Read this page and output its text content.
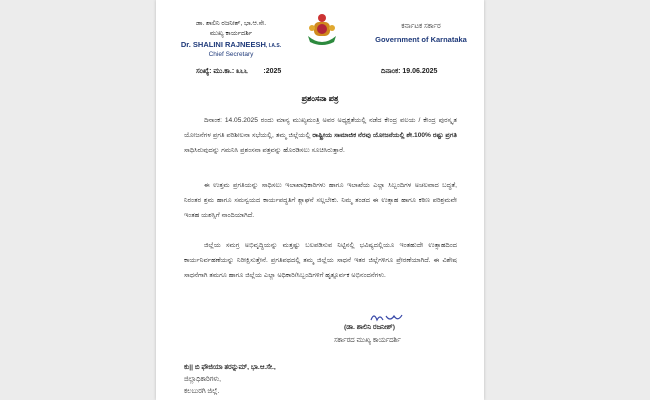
ಡಾ. ಶಾಲಿನಿ ರಜನೀಶ್, ಭಾ.ಆ.ಸೇ.
ಮುಖ್ಯ ಕಾರ್ಯದರ್ಶಿ
Dr. SHALINI RAJNEESH, I.A.S.
Chief Secretary
ಕರ್ನಾಟಕ ಸರ್ಕಾರ
Government of Karnataka
ಸಂಖ್ಯೆ: ಮು.ಕಾ.: ೩೬೬        :2025	ದಿನಾಂಕ: 19.06.2025
ಪ್ರಶಂಸನಾ ಪತ್ರ
ದಿನಾಂಕ: 14.05.2025 ರಂದು ಮಾನ್ಯ ಮುಖ್ಯಮಂತ್ರಿ ಅವರ ಅಧ್ಯಕ್ಷತೆಯಲ್ಲಿ ನಡೆದ ಕೇಂದ್ರ ವಲಯ / ಕೇಂದ್ರ ಪುರಸ್ಕೃತ ಯೋಜನೆಗಳ ಪ್ರಗತಿ ಪರಿಶೀಲನಾ ಸಭೆಯಲ್ಲಿ, ತಮ್ಮ ಜಿಲ್ಲೆಯಲ್ಲಿ ರಾಷ್ಟ್ರೀಯ ಸಾಮಾಜಿಕ ನೆರವು ಯೋಜನೆಯಲ್ಲಿ ಶೇ.100% ರಷ್ಟು ಪ್ರಗತಿ ಸಾಧಿಸಿರುವುದನ್ನು ಗಮನಿಸಿ ಪ್ರಶಂಸನಾ ಪತ್ರವನ್ನು ಹೊರಡಿಸಲು ಸೂಚಿಸಿರುತ್ತಾರೆ.
ಈ ಉತ್ತಮ ಪ್ರಗತಿಯನ್ನು ಸಾಧಿಸಲು ಇಲಾಖಾಧಿಕಾರಿಗಳು ಹಾಗೂ ಇಲಾಖೆಯ ಎಲ್ಲಾ ಸಿಬ್ಬಂದಿಗಳ ಅಚಲವಾದ ಬದ್ಧತೆ, ನಿರಂತರ ಶ್ರಮ ಹಾಗೂ ಸಮನ್ವಯದ ಕಾರ್ಯಪದ್ಧತಿಗೆ ಶ್ಲಾಘನೆ ಸಲ್ಲಬೇಕು. ನಿಮ್ಮ ತಂಡದ ಈ ಉತ್ಸಾಹ ಹಾಗೂ ಕಠಿಣ ಪರಿಶ್ರಮವೇ ಇಂತಹ ಯಶಸ್ಸಿಗೆ ನಾಂದಿಯಾಗಿದೆ.
ಜಿಲ್ಲೆಯ ಸಮಗ್ರ ಅಭಿವೃದ್ಧಿಯನ್ನು ಮತ್ತಷ್ಟು ಬಲಪಡಿಸುವ ನಿಟ್ಟಿನಲ್ಲಿ ಭವಿಷ್ಯದಲ್ಲಿಯೂ ಇಂತಹುದೇ ಉತ್ಸಾಹದಿಂದ ಕಾರ್ಯನಿರ್ವಹಣೆಯನ್ನು ನಿರೀಕ್ಷಿಸುತ್ತೇನೆ. ಪ್ರಗತಿಪಥದಲ್ಲಿ ತಮ್ಮ ಜಿಲ್ಲೆಯ ಸಾಧನೆ ಇತರ ಜಿಲ್ಲೆಗಳಿಗೂ ಪ್ರೇರಣೆಯಾಗಿದೆ. ಈ ವಿಶೇಷ ಸಾಧನೆಗಾಗಿ ತಮಗೂ ಹಾಗೂ ಜಿಲ್ಲೆಯ ಎಲ್ಲಾ ಅಧಿಕಾರಿ/ಸಿಬ್ಬಂದಿಗಳಿಗೆ ಹೃತ್ಪೂರ್ವಕ ಅಭಿನಂದನೆಗಳು.
(ಡಾ. ಶಾಲಿನಿ ರಜನೀಶ್)
ಸರ್ಕಾರದ ಮುಖ್ಯ ಕಾರ್ಯದರ್ಶಿ
ಕು|| ಬಿ ಫೌಜಿಯಾ ತರನ್ನುಮ್, ಭಾ.ಆ.ಸೇ.,
ಜಿಲ್ಲಾಧಿಕಾರಿಗಳು,
ಕಲಬುರಗಿ ಜಿಲ್ಲೆ.
